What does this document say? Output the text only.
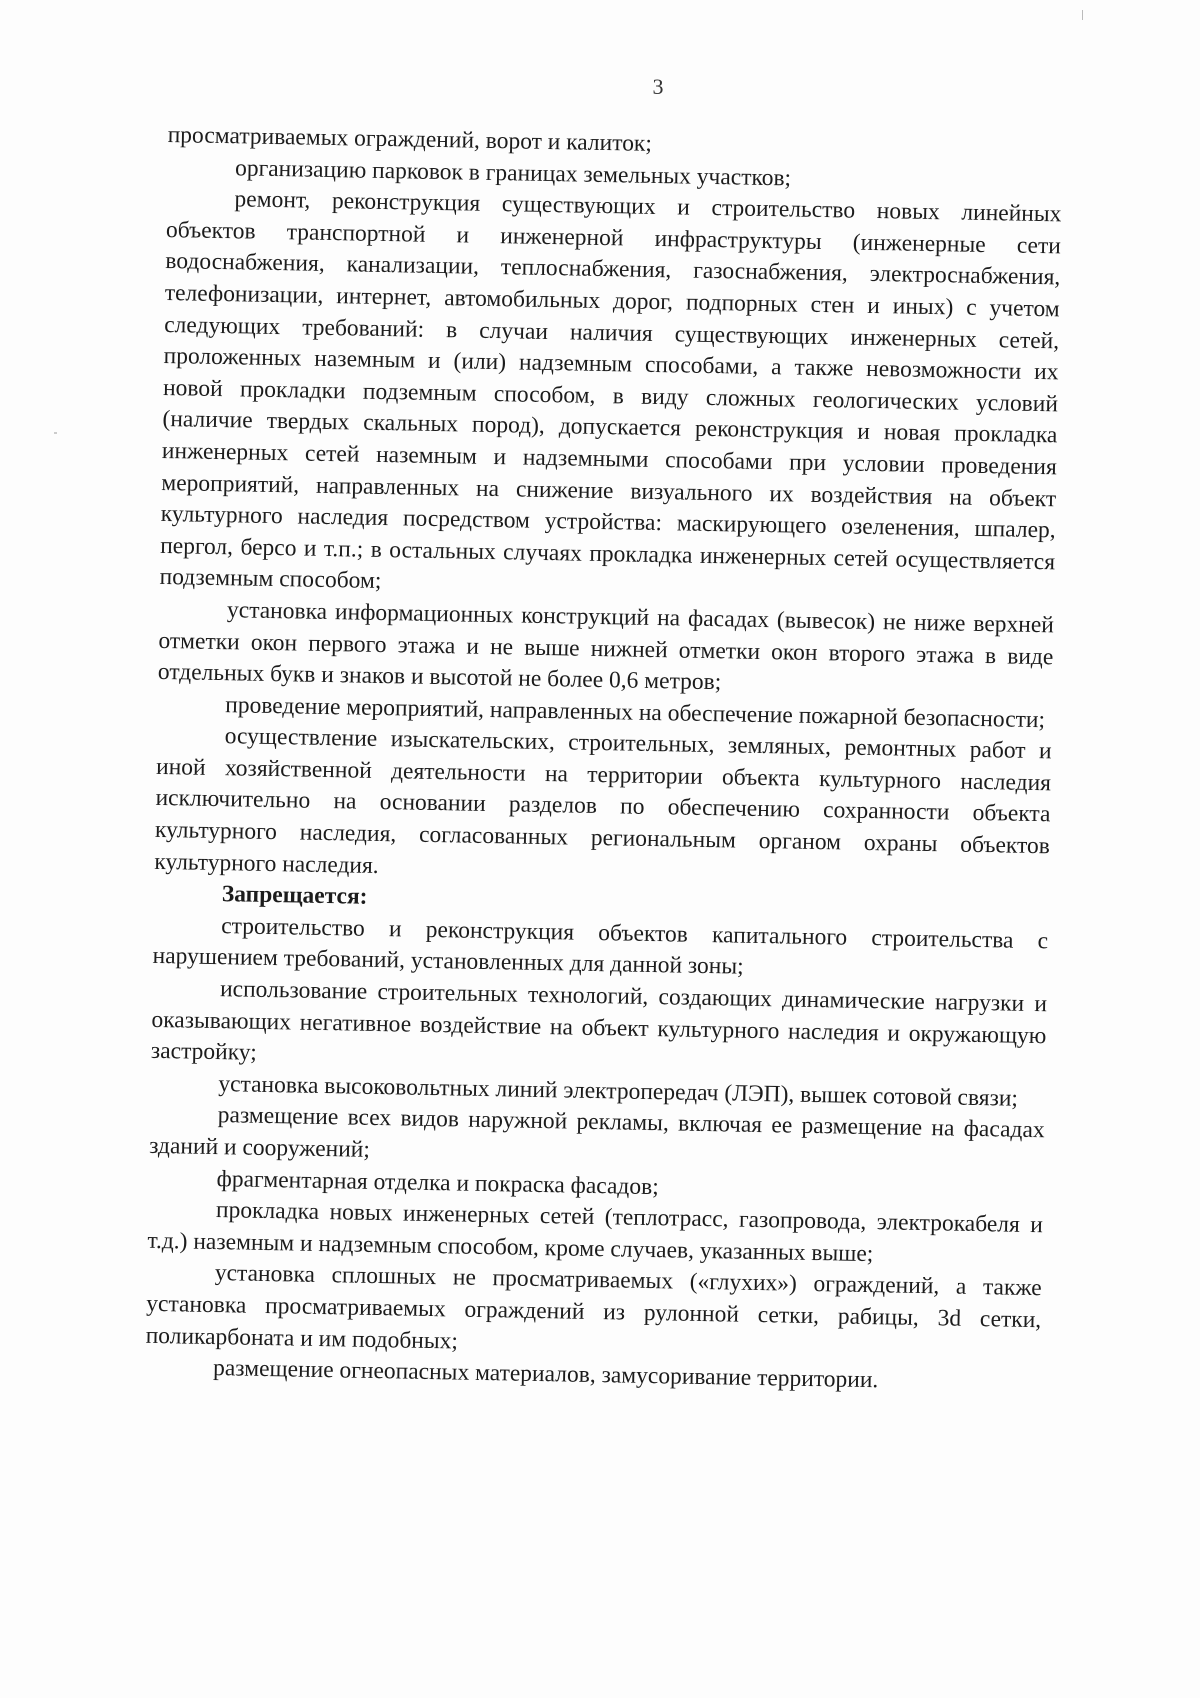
3

просматриваемых ограждений, ворот и калиток;

организацию парковок в границах земельных участков;

ремонт, реконструкция существующих и строительство новых линейных объектов транспортной и инженерной инфраструктуры (инженерные сети водоснабжения, канализации, теплоснабжения, газоснабжения, электроснабжения, телефонизации, интернет, автомобильных дорог, подпорных стен и иных) с учетом следующих требований: в случаи наличия существующих инженерных сетей, проложенных наземным и (или) надземным способами, а также невозможности их новой прокладки подземным способом, в виду сложных геологических условий (наличие твердых скальных пород), допускается реконструкция и новая прокладка инженерных сетей наземным и надземными способами при условии проведения мероприятий, направленных на снижение визуального их воздействия на объект культурного наследия посредством устройства: маскирующего озеленения, шпалер, пергол, берсо и т.п.; в остальных случаях прокладка инженерных сетей осуществляется подземным способом;

установка информационных конструкций на фасадах (вывесок) не ниже верхней отметки окон первого этажа и не выше нижней отметки окон второго этажа в виде отдельных букв и знаков и высотой не более 0,6 метров;

проведение мероприятий, направленных на обеспечение пожарной безопасности;

осуществление изыскательских, строительных, земляных, ремонтных работ и иной хозяйственной деятельности на территории объекта культурного наследия исключительно на основании разделов по обеспечению сохранности объекта культурного наследия, согласованных региональным органом охраны объектов культурного наследия.

Запрещается:

строительство и реконструкция объектов капитального строительства с нарушением требований, установленных для данной зоны;

использование строительных технологий, создающих динамические нагрузки и оказывающих негативное воздействие на объект культурного наследия и окружающую застройку;

установка высоковольтных линий электропередач (ЛЭП), вышек сотовой связи;

размещение всех видов наружной рекламы, включая ее размещение на фасадах зданий и сооружений;

фрагментарная отделка и покраска фасадов;

прокладка новых инженерных сетей (теплотрасс, газопровода, электрокабеля и т.д.) наземным и надземным способом, кроме случаев, указанных выше;

установка сплошных не просматриваемых («глухих») ограждений, а также установка просматриваемых ограждений из рулонной сетки, рабицы, 3d сетки, поликарбоната и им подобных;

размещение огнеопасных материалов, замусоривание территории.
